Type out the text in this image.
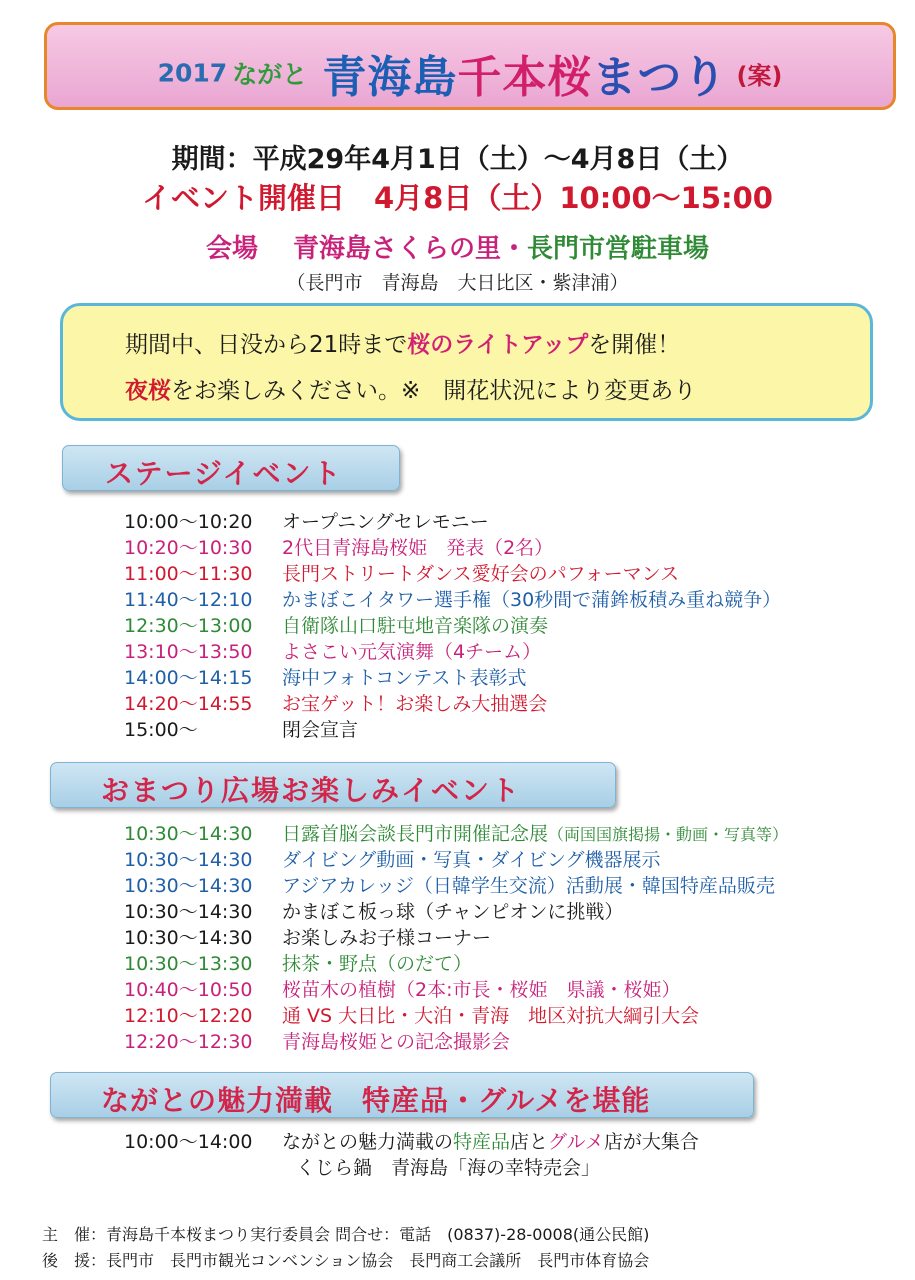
2017 ながと 青海島千本桜まつり (案)
期間：平成29年4月1日（土）〜4月8日（土）
イベント開催日　4月8日（土）10:00〜15:00
会場　 青海島さくらの里・長門市営駐車場
（長門市　青海島　大日比区・紫津浦）
期間中、日没から21時まで桜のライトアップを開催！
夜桜をお楽しみください。※　開花状況により変更あり
ステージイベント
10:00〜10:20 オープニングセレモニー
10:20〜10:30 2代目青海島桜姫　発表（2名）
11:00〜11:30 長門ストリートダンス愛好会のパフォーマンス
11:40〜12:10 かまぼこイタワー選手権（30秒間で蒲鉾板積み重ね競争）
12:30〜13:00 自衛隊山口駐屯地音楽隊の演奏
13:10〜13:50 よさこい元気演舞（4チーム）
14:00〜14:15 海中フォトコンテスト表彰式
14:20〜14:55 お宝ゲット！お楽しみ大抽選会
15:00〜	閉会宣言
おまつり広場お楽しみイベント
10:30〜14:30 日露首脳会談長門市開催記念展（両国国旗掲揚・動画・写真等）
10:30〜14:30 ダイビング動画・写真・ダイビング機器展示
10:30〜14:30 アジアカレッジ（日韓学生交流）活動展・韓国特産品販売
10:30〜14:30 かまぼこ板っ球（チャンピオンに挑戦）
10:30〜14:30 お楽しみお子様コーナー
10:30〜13:30 抹茶・野点（のだて）
10:40〜10:50 桜苗木の植樹（2本:市長・桜姫　県議・桜姫）
12:10〜12:20 通 VS 大日比・大泊・青海　地区対抗大綱引大会
12:20〜12:30 青海島桜姫との記念撮影会
ながとの魅力満載　特産品・グルメを堪能
10:00〜14:00 ながとの魅力満載の特産品店とグルメ店が大集合
くじら鍋　青海島「海の幸特売会」
主　催：青海島千本桜まつり実行委員会 問合せ：電話　(0837)-28-0008(通公民館)
後　援：長門市　長門市観光コンベンション協会　長門商工会議所　長門市体育協会
